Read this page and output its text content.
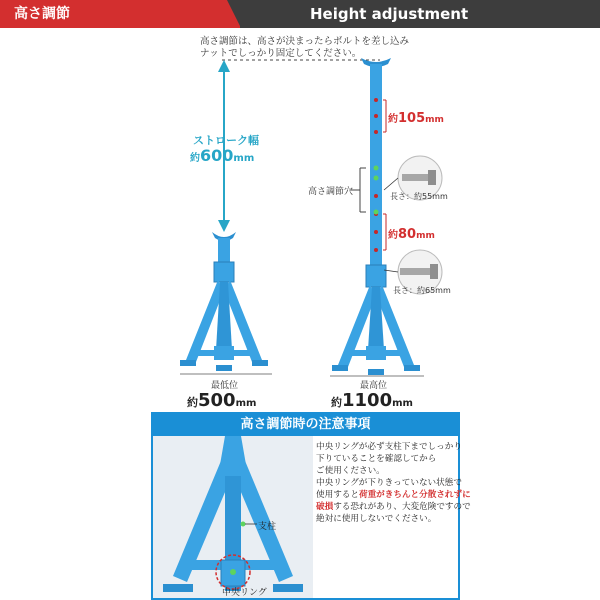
高さ調節	Height adjustment
高さ調節は、高さが決まったらボルトを差し込み
ナットでしっかり固定してください。
ストローク幅
約600mm
約105mm
約80mm
高さ調節穴	長さ：約55mm
長さ：約65mm
最低位
約500mm
最高位
約1100mm
高さ調節時の注意事項
支柱
中央リング
中央リングが必ず支柱下までしっかり
下りていることを確認してから
ご使用ください。
中央リングが下りきっていない状態で
使用すると荷重がきちんと分散されずに
破損する恐れがあり、大変危険ですので
絶対に使用しないでください。
